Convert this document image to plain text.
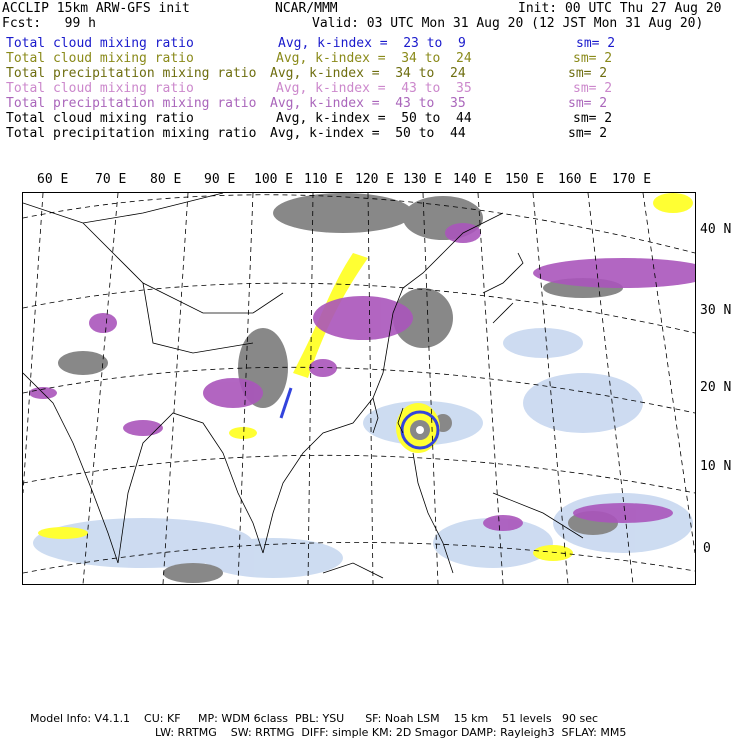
ACCLIP 15km ARW-GFS init	NCAR/MMM	Init: 00 UTC Thu 27 Aug 20
Fcst:   99 h	Valid: 03 UTC Mon 31 Aug 20 (12 JST Mon 31 Aug 20)
Total cloud mixing ratio	Avg, k-index =  23 to  9	sm= 2
Total cloud mixing ratio	Avg, k-index =  34 to  24	sm= 2
Total precipitation mixing ratio Avg, k-index =  34 to  24	sm= 2
Total cloud mixing ratio	Avg, k-index =  43 to  35	sm= 2
Total precipitation mixing ratio Avg, k-index =  43 to  35	sm= 2
Total cloud mixing ratio	Avg, k-index =  50 to  44	sm= 2
Total precipitation mixing ratio Avg, k-index =  50 to  44	sm= 2
60 E 70 E 80 E 90 E 100 E 110 E 120 E 130 E 140 E 150 E 160 E 170 E
40 N
30 N
20 N
10 N
0
Model Info: V4.1.1    CU: KF     MP: WDM 6class  PBL: YSU      SF: Noah LSM    15 km    51 levels   90 sec
LW: RRTMG    SW: RRTMG  DIFF: simple KM: 2D Smagor DAMP: Rayleigh3  SFLAY: MM5
